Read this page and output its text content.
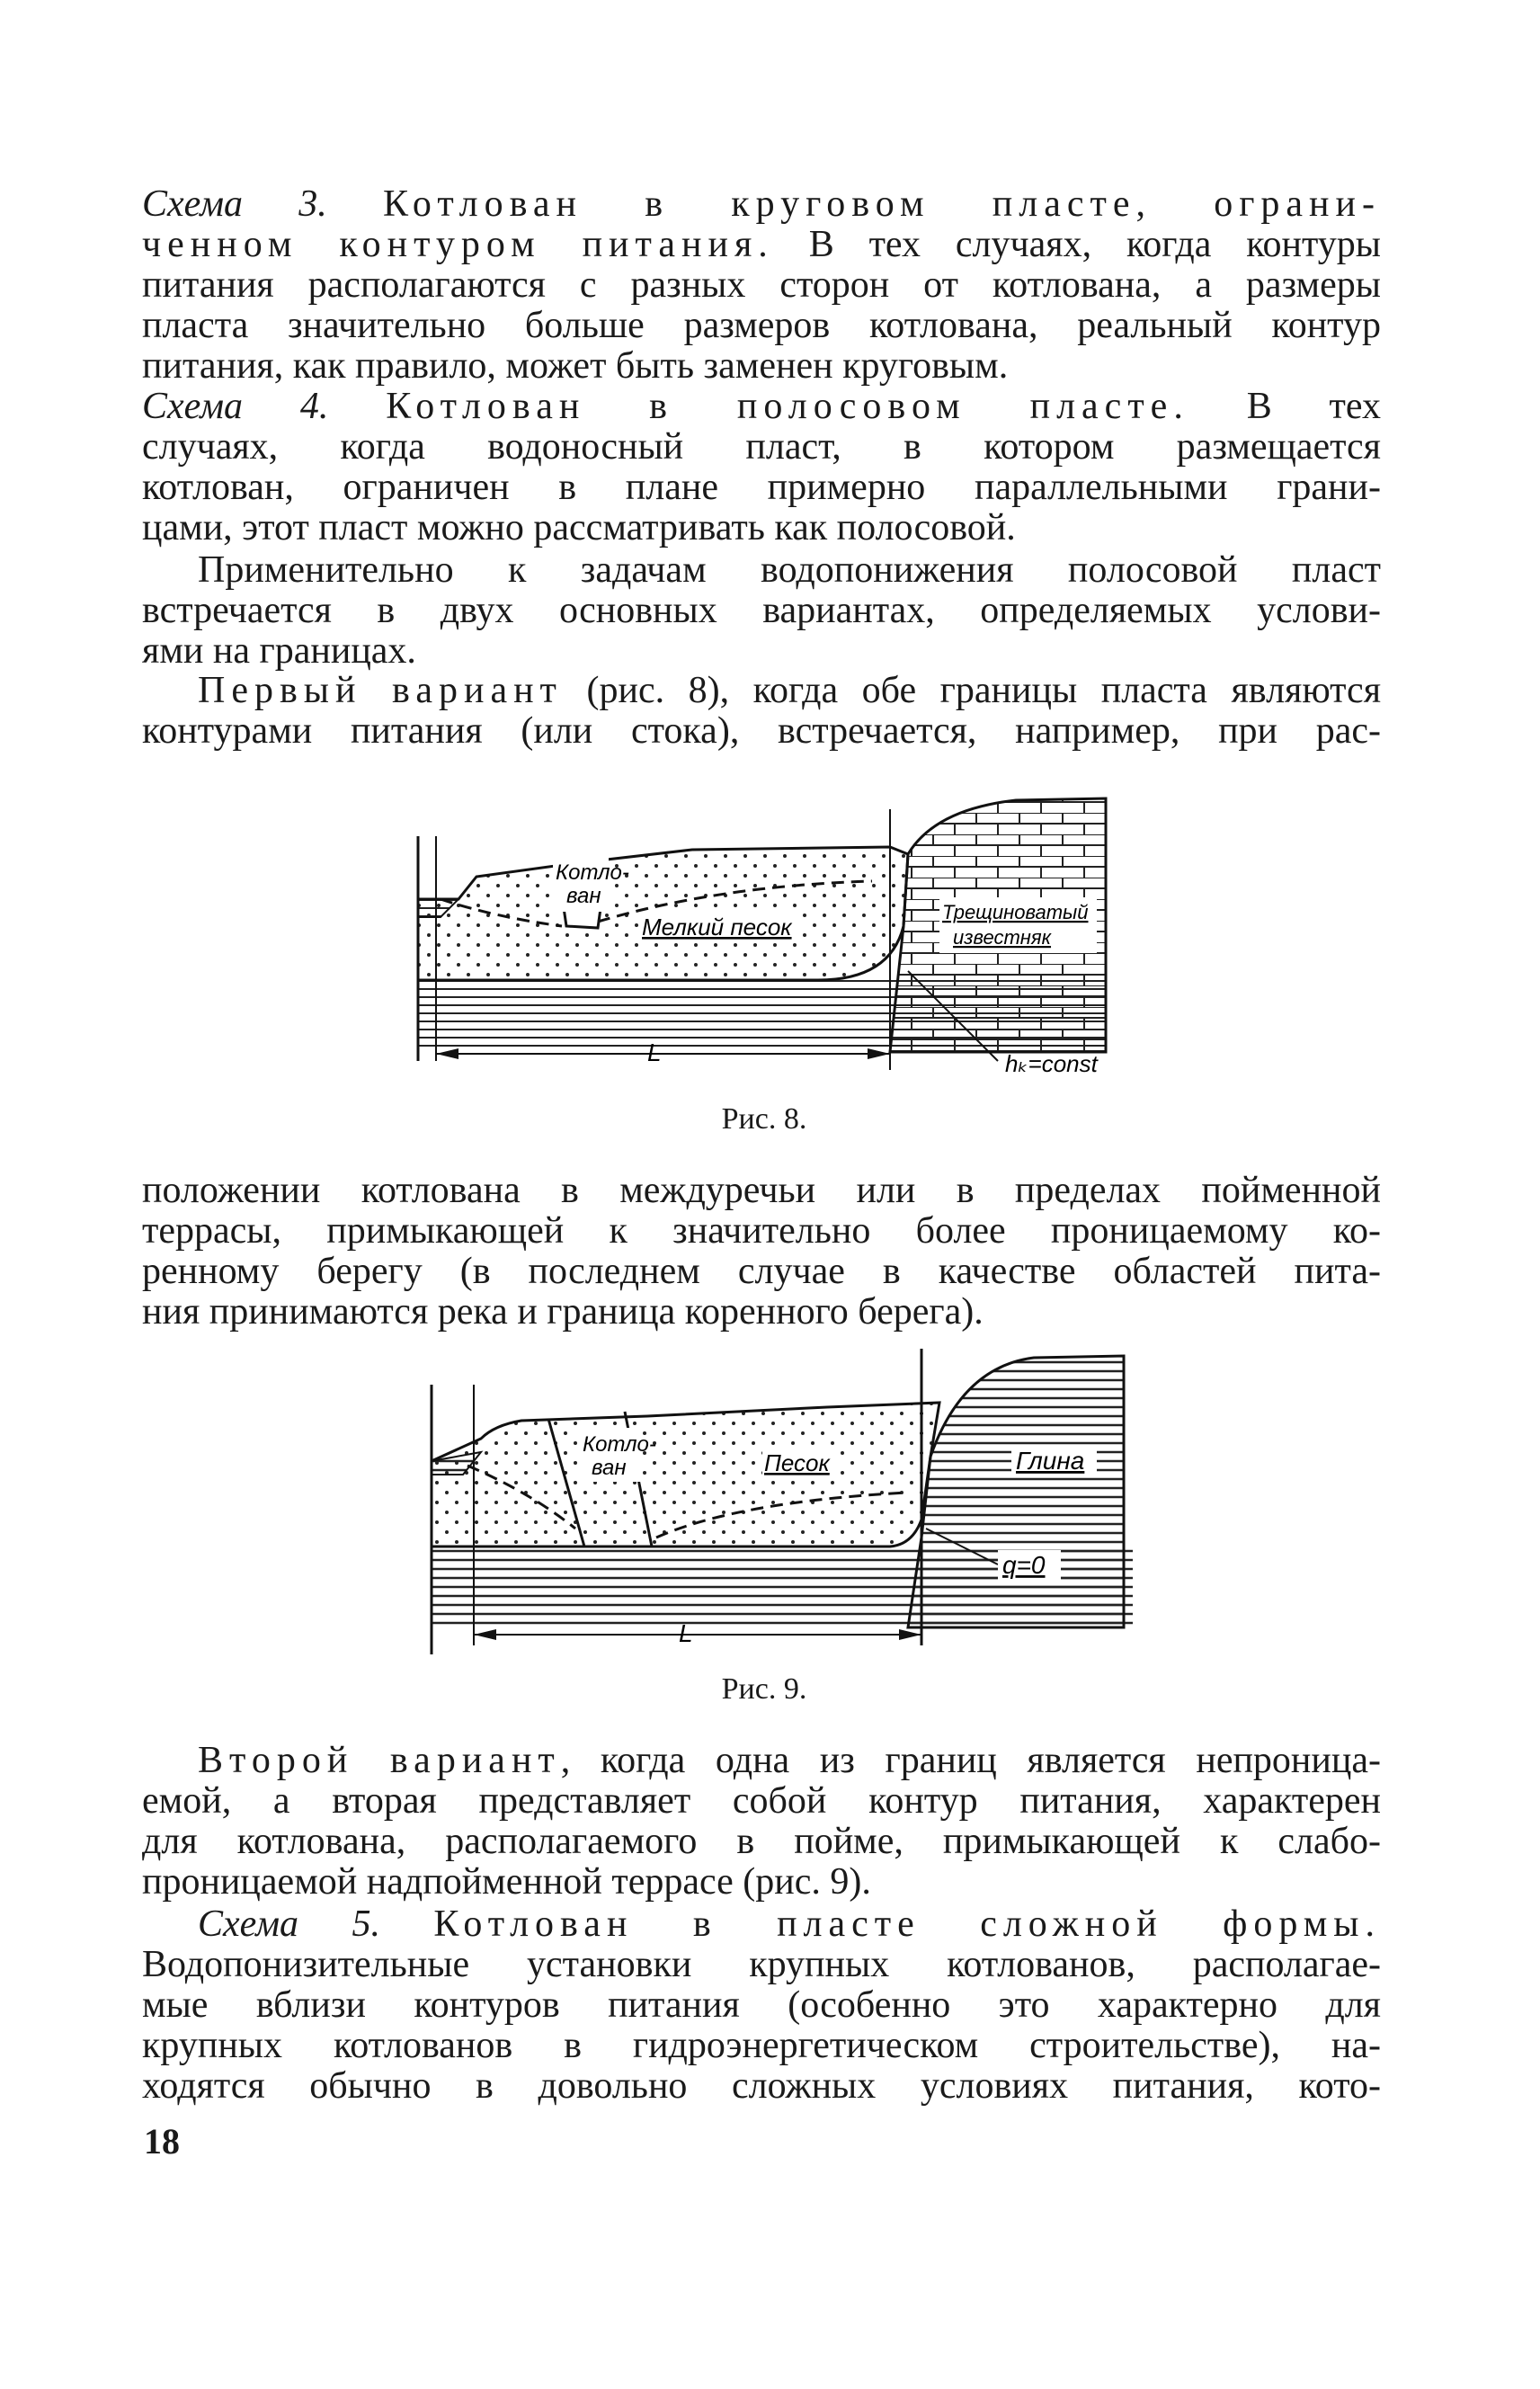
Схема 3. Котлован в круговом пласте, ограни-
ченном контуром питания. В тех случаях, когда контуры
питания располагаются с разных сторон от котлована, а размеры
пласта значительно больше размеров котлована, реальный контур
питания, как правило, может быть заменен круговым.
Схема 4. Котлован в полосовом пласте. В тех
случаях, когда водоносный пласт, в котором размещается
котлован, ограничен в плане примерно параллельными грани-
цами, этот пласт можно рассматривать как полосовой.
Применительно к задачам водопонижения полосовой пласт
встречается в двух основных вариантах, определяемых услови-
ями на границах.
Первый вариант (рис. 8), когда обе границы пласта являются
контурами питания (или стока), встречается, например, при рас-
Котло-
ван
Мелкий песок
Трещиноватый
известняк
L	hₖ=const
Рис. 8.
положении котлована в междуречьи или в пределах пойменной
террасы, примыкающей к значительно более проницаемому ко-
ренному берегу (в последнем случае в качестве областей пита-
ния принимаются река и граница коренного берега).
Котло-
ван	Песок	Глина
q=0
L
Рис. 9.
Второй вариант, когда одна из границ является непроница-
емой, а вторая представляет собой контур питания, характерен
для котлована, располагаемого в пойме, примыкающей к слабо-
проницаемой надпойменной террасе (рис. 9).
Схема 5. Котлован в пласте сложной формы.
Водопонизительные установки крупных котлованов, располагае-
мые вблизи контуров питания (особенно это характерно для
крупных котлованов в гидроэнергетическом строительстве), на-
ходятся обычно в довольно сложных условиях питания, кото-
18
